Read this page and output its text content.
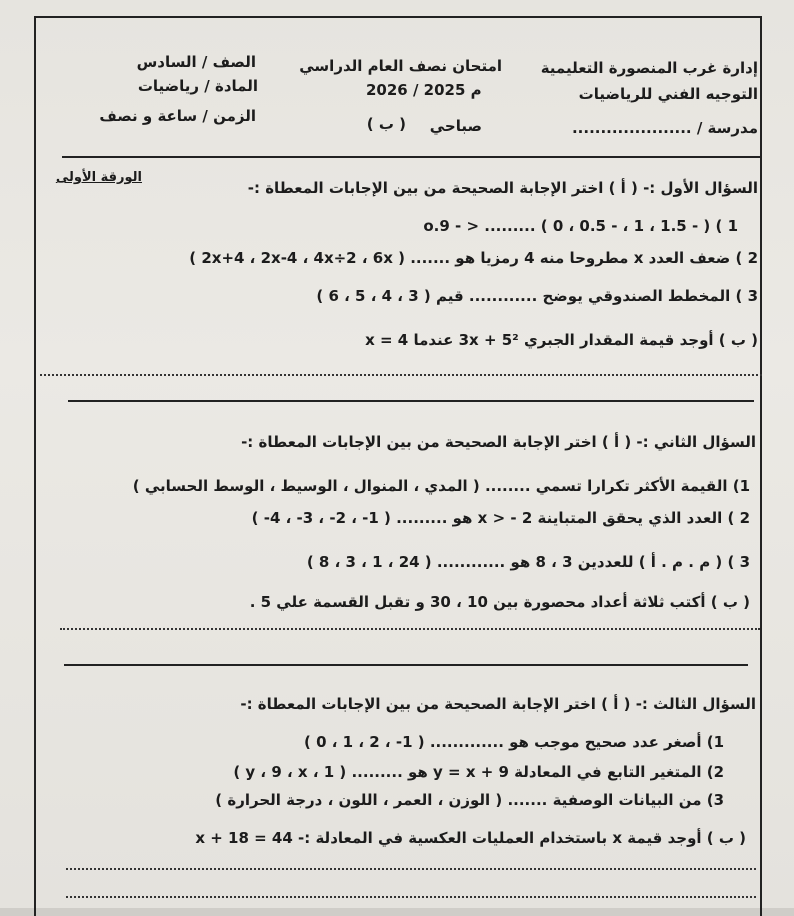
إدارة غرب المنصورة التعليمية
التوجيه الفني للرياضيات
مدرسة / .....................
امتحان نصف العام الدراسي
2026 / 2025 م
صباحي
( ب )
الصف / السادس
المادة / رياضيات
الزمن / ساعة و نصف
الورقة الأولى
السؤال الأول :- ( أ ) اختر الإجابة الصحيحة من بين الإجابات المعطاة :-
1 ) o.9 - > ......... ( 0 ، 0.5 - ، 1 ، 1.5 - )
2 ) ضعف العدد x مطروحا منه 4 رمزيا هو ....... ( 2x+4 ، 2x-4 ، 4x÷2 ، 6x )
3 ) المخطط الصندوقي يوضح ............ قيم ( 3 ، 4 ، 5 ، 6 )
( ب ) أوجد قيمة المقدار الجبري 3x + 5² عندما x = 4
السؤال الثاني :- ( أ ) اختر الإجابة الصحيحة من بين الإجابات المعطاة :-
1) القيمة الأكثر تكرارا تسمي ........ ( المدي ، المنوال ، الوسيط ، الوسط الحسابي )
2 ) العدد الذي يحقق المتباينة 2 - < x هو ......... ( 1- ، 2- ، 3- ، 4- )
3 ) ( م . م . أ ) للعددين 3 ، 8 هو ............ ( 24 ، 1 ، 3 ، 8 )
( ب ) أكتب ثلاثة أعداد محصورة بين 10 ، 30 و تقبل القسمة علي 5 .
السؤال الثالث :- ( أ ) اختر الإجابة الصحيحة من بين الإجابات المعطاة :-
1) أصغر عدد صحيح موجب هو ............. ( 1- ، 2 ، 1 ، 0 )
2) المتغير التابع في المعادلة y = x + 9 هو ......... ( 1 ، y ، 9 ، x )
3) من البيانات الوصفية ....... ( الوزن ، العمر ، اللون ، درجة الحرارة )
( ب ) أوجد قيمة x باستخدام العمليات العكسية في المعادلة :- 44 = x + 18
